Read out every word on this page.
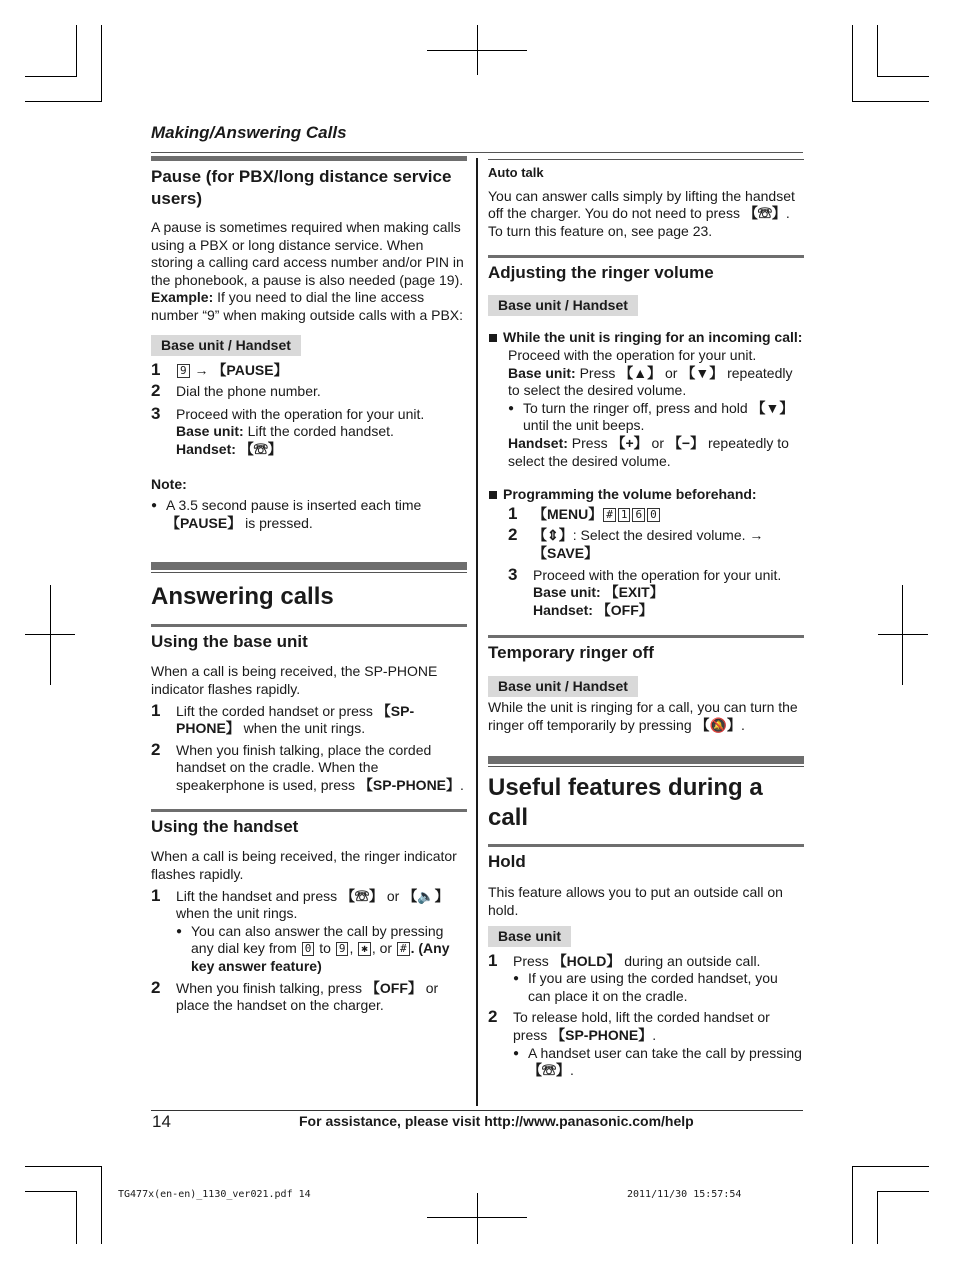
Making/Answering Calls
Pause (for PBX/long distance service users)

A pause is sometimes required when making calls using a PBX or long distance service. When storing a calling card access number and/or PIN in the phonebook, a pause is also needed (page 19).

Example: If you need to dial the line access number “9” when making outside calls with a PBX:

Base unit / Handset
1 9 → 【PAUSE】
2 Dial the phone number.
3 Proceed with the operation for your unit.
Base unit: Lift the corded handset.
Handset: 【☏】

Note:

● A 3.5 second pause is inserted each time
【PAUSE】 is pressed.
Answering calls
Using the base unit

When a call is being received, the SP-PHONE indicator flashes rapidly.

1 Lift the corded handset or press 【SP-PHONE】 when the unit rings.
2 When you finish talking, place the corded handset on the cradle. When the speakerphone is used, press 【SP-PHONE】.
Using the handset

When a call is being received, the ringer indicator flashes rapidly.

1 Lift the handset and press 【☏】 or 【🔈】 when the unit rings.
● You can also answer the call by pressing any dial key from 0 to 9 , ✱ , or # . (Any key answer feature)
2 When you finish talking, press 【OFF】 or place the handset on the charger.

Auto talk

You can answer calls simply by lifting the handset off the charger. You do not need to press 【☏】.
To turn this feature on, see page 23.

Adjusting the ringer volume
Base unit / Handset
While the unit is ringing for an incoming call:

Proceed with the operation for your unit.

Base unit: Press 【▲】 or 【▼】 repeatedly to select the desired volume.

● To turn the ringer off, press and hold 【▼】 until the unit beeps.

Handset: Press 【+】 or 【−】 repeatedly to select the desired volume.

Programming the volume beforehand:
1 【MENU】 # 1 6 0
2 【⇕】: Select the desired volume. → 【SAVE】
3 Proceed with the operation for your unit.
Base unit: 【EXIT】
Handset: 【OFF】
Temporary ringer off
Base unit / Handset

While the unit is ringing for a call, you can turn the ringer off temporarily by pressing 【🔕】.

Useful features during a call
Hold

This feature allows you to put an outside call on hold.

Base unit
1 Press 【HOLD】 during an outside call.
● If you are using the corded handset, you can place it on the cradle.
2 To release hold, lift the corded handset or press 【SP-PHONE】.
● A handset user can take the call by pressing 【☏】.
14	For assistance, please visit http://www.panasonic.com/help
TG477x(en-en)_1130_ver021.pdf 14	2011/11/30 15:57:54
